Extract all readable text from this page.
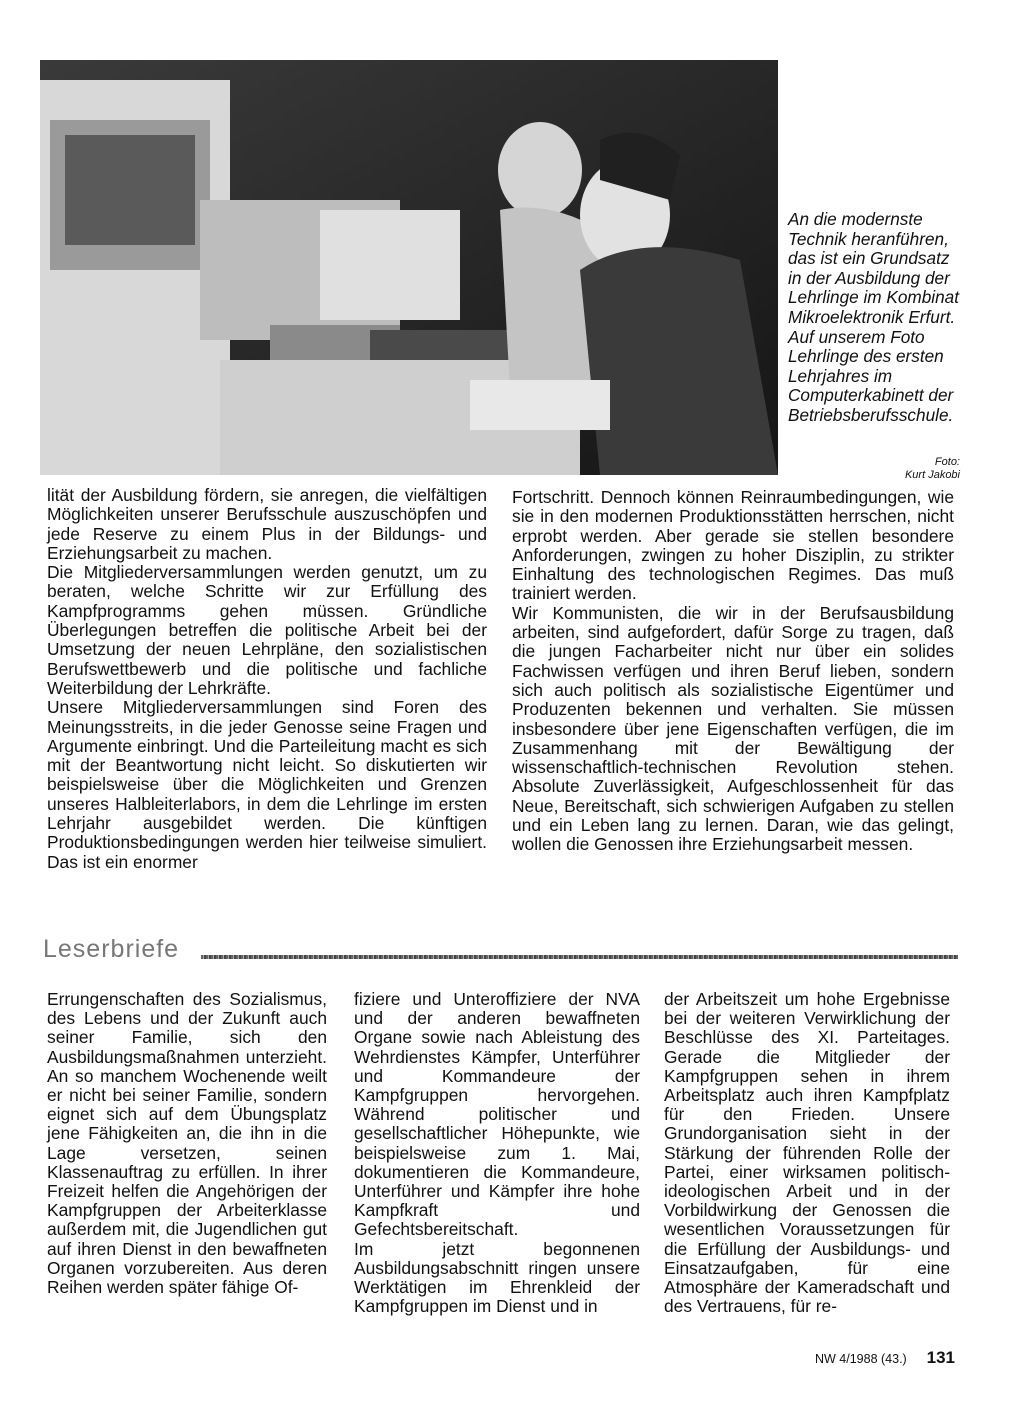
An die modernste Technik heranführen, das ist ein Grundsatz in der Ausbildung der Lehrlinge im Kombinat Mikroelektronik Erfurt. Auf unserem Foto Lehrlinge des ersten Lehrjahres im Computerkabinett der Betriebsberufsschule.
Foto:
Kurt Jakobi

lität der Ausbildung fördern, sie anregen, die vielfältigen Möglichkeiten unserer Berufsschule auszuschöpfen und jede Reserve zu einem Plus in der Bildungs- und Erziehungsarbeit zu machen.

Die Mitgliederversammlungen werden genutzt, um zu beraten, welche Schritte wir zur Erfüllung des Kampfprogramms gehen müssen. Gründliche Überlegungen betreffen die politische Arbeit bei der Umsetzung der neuen Lehrpläne, den sozialistischen Berufswettbewerb und die politische und fachliche Weiterbildung der Lehrkräfte.

Unsere Mitgliederversammlungen sind Foren des Meinungsstreits, in die jeder Genosse seine Fragen und Argumente einbringt. Und die Parteileitung macht es sich mit der Beantwortung nicht leicht. So diskutierten wir beispielsweise über die Möglichkeiten und Grenzen unseres Halbleiterlabors, in dem die Lehrlinge im ersten Lehrjahr ausgebildet werden. Die künftigen Produktionsbedingungen werden hier teilweise simuliert. Das ist ein enormer

Fortschritt. Dennoch können Reinraumbedingungen, wie sie in den modernen Produktionsstätten herrschen, nicht erprobt werden. Aber gerade sie stellen besondere Anforderungen, zwingen zu hoher Disziplin, zu strikter Einhaltung des technologischen Regimes. Das muß trainiert werden.

Wir Kommunisten, die wir in der Berufsausbildung arbeiten, sind aufgefordert, dafür Sorge zu tragen, daß die jungen Facharbeiter nicht nur über ein solides Fachwissen verfügen und ihren Beruf lieben, sondern sich auch politisch als sozialistische Eigentümer und Produzenten bekennen und verhalten. Sie müssen insbesondere über jene Eigenschaften verfügen, die im Zusammenhang mit der Bewältigung der wissenschaftlich-technischen Revolution stehen. Absolute Zuverlässigkeit, Aufgeschlossenheit für das Neue, Bereitschaft, sich schwierigen Aufgaben zu stellen und ein Leben lang zu lernen. Daran, wie das gelingt, wollen die Genossen ihre Erziehungsarbeit messen.

Leserbriefe

Errungenschaften des Sozialismus, des Lebens und der Zukunft auch seiner Familie, sich den Ausbildungsmaßnahmen unterzieht. An so manchem Wochenende weilt er nicht bei seiner Familie, sondern eignet sich auf dem Übungsplatz jene Fähigkeiten an, die ihn in die Lage versetzen, seinen Klassenauftrag zu erfüllen. In ihrer Freizeit helfen die Angehörigen der Kampfgruppen der Arbeiterklasse außerdem mit, die Jugendlichen gut auf ihren Dienst in den bewaffneten Organen vorzubereiten. Aus deren Reihen werden später fähige Of-

fiziere und Unteroffiziere der NVA und der anderen bewaffneten Organe sowie nach Ableistung des Wehrdienstes Kämpfer, Unterführer und Kommandeure der Kampfgruppen hervorgehen. Während politischer und gesellschaftlicher Höhepunkte, wie beispielsweise zum 1. Mai, dokumentieren die Kommandeure, Unterführer und Kämpfer ihre hohe Kampfkraft und Gefechtsbereitschaft.

Im jetzt begonnenen Ausbildungsabschnitt ringen unsere Werktätigen im Ehrenkleid der Kampfgruppen im Dienst und in

der Arbeitszeit um hohe Ergebnisse bei der weiteren Verwirklichung der Beschlüsse des XI. Parteitages. Gerade die Mitglieder der Kampfgruppen sehen in ihrem Arbeitsplatz auch ihren Kampfplatz für den Frieden. Unsere Grundorganisation sieht in der Stärkung der führenden Rolle der Partei, einer wirksamen politisch-ideologischen Arbeit und in der Vorbildwirkung der Genossen die wesentlichen Voraussetzungen für die Erfüllung der Ausbildungs- und Einsatzaufgaben, für eine Atmosphäre der Kameradschaft und des Vertrauens, für re-

NW 4/1988 (43.) 131
